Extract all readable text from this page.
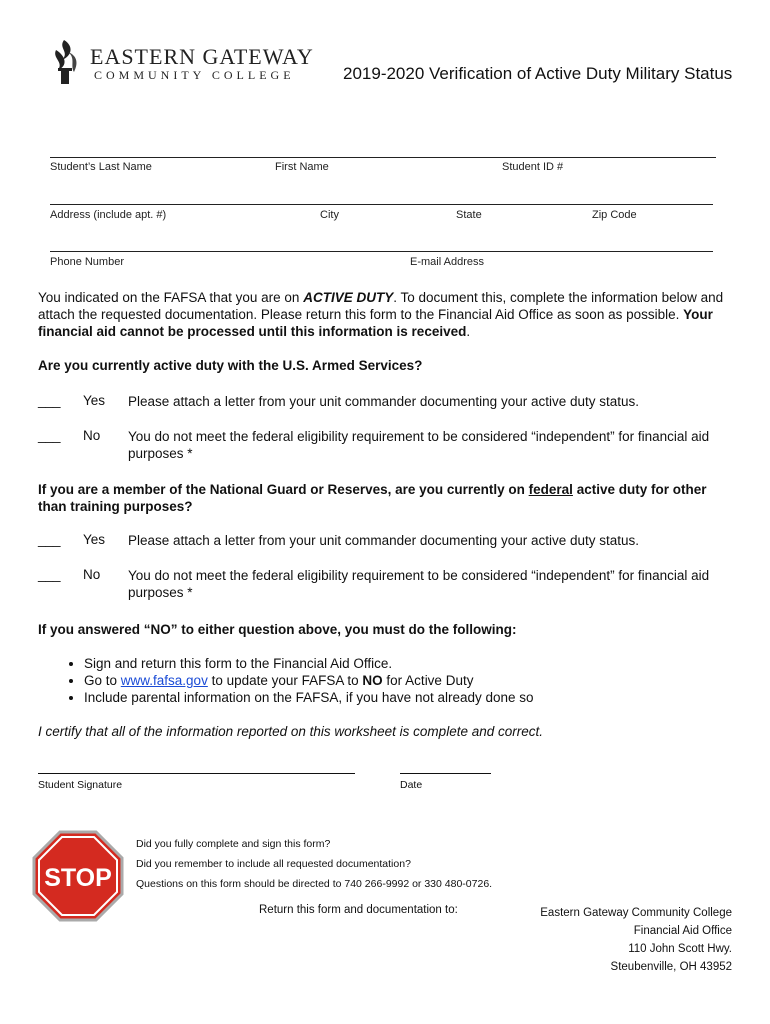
EASTERN GATEWAY
COMMUNITY COLLEGE	2019-2020 Verification of Active Duty Military Status
Student’s Last Name	First Name	Student ID #
Address (include apt. #)	City	State	Zip Code
Phone Number	E-mail Address
You indicated on the FAFSA that you are on ACTIVE DUTY. To document this, complete the information below and attach the requested documentation. Please return this form to the Financial Aid Office as soon as possible. Your financial aid cannot be processed until this information is received.
Are you currently active duty with the U.S. Armed Services?
___ Yes Please attach a letter from your unit commander documenting your active duty status.
___ No You do not meet the federal eligibility requirement to be considered “independent” for financial aid purposes *
If you are a member of the National Guard or Reserves, are you currently on federal active duty for other than training purposes?
___ Yes Please attach a letter from your unit commander documenting your active duty status.
___ No You do not meet the federal eligibility requirement to be considered “independent” for financial aid purposes *
If you answered “NO” to either question above, you must do the following:
• Sign and return this form to the Financial Aid Office.
• Go to www.fafsa.gov to update your FAFSA to NO for Active Duty
• Include parental information on the FAFSA, if you have not already done so
I certify that all of the information reported on this worksheet is complete and correct.
Student Signature	Date
STOP
Did you fully complete and sign this form?
Did you remember to include all requested documentation?
Questions on this form should be directed to 740 266-9992 or 330 480-0726.
Return this form and documentation to:	Eastern Gateway Community College
Financial Aid Office
110 John Scott Hwy.
Steubenville, OH 43952
